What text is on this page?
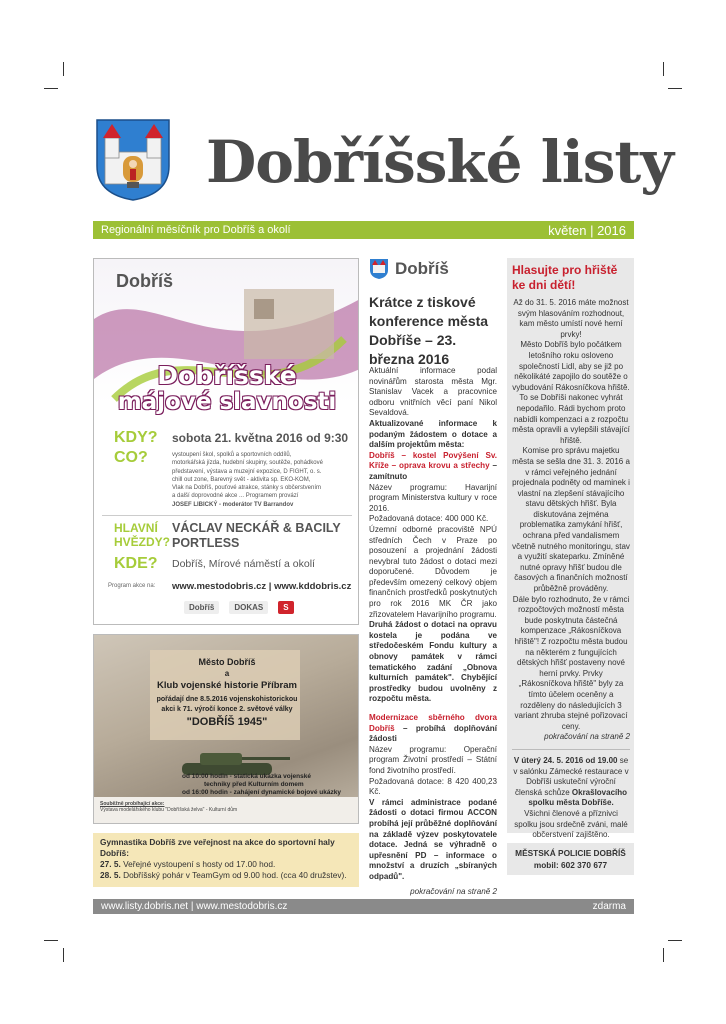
Dobříšské listy
Regionální měsíčník pro Dobříš a okolí	květen | 2016
Dobříš
Dobříšské
májové slavnosti
KDY? sobota 21. května 2016 od 9:30
CO?	vystoupení škol, spolků a sportovních oddílů,
motorkářská jízda, hudební skupiny, soutěže, pohádkové
představení, výstava a muzejní expozice, D FIGHT, o. s.
chill out zone, Barevný svět - aktivita sp. EKO-KOM,
Vlak na Dobříš, pouťové atrakce, stánky s občerstvením
a další doprovodné akce ... Programem provází
JOSEF LIBICKÝ - moderátor TV Barrandov
HLAVNÍ
HVĚZDY?
VÁCLAV NECKÁŘ & BACILY
PORTLESS
KDE? Dobříš, Mírové náměstí a okolí
Program akce na: www.mestodobris.cz | www.kddobris.cz
Dobříš	DOKAS	S
Město Dobříš
a
Klub vojenské historie Příbram
pořádají dne 8.5.2016 vojenskohistorickou
akci k 71. výročí konce 2. světové války
"DOBŘÍŠ 1945"
od 10:00 hodin - statická ukázka vojenské
techniky před Kulturním domem
od 16:00 hodin - zahájení dynamické bojové ukázky
Souběžně probíhající akce:
Výstava modelářského klubu "Dobříšská želva" - Kulturní dům
Gymnastika Dobříš zve veřejnost na akce do sportovní haly Dobříš:
27. 5. Veřejné vystoupení s hosty od 17.00 hod.
28. 5. Dobříšský pohár v TeamGym od 9.00 hod. (cca 40 družstev).
Dobříš
Krátce z tiskové konference města Dobříše – 23. března 2016

Aktuální informace podal novinářům starosta města Mgr. Stanislav Vacek a pracovnice odboru vnitřních věcí paní Nikol Sevaldová.

Aktualizované informace k podaným žádostem o dotace a dalším projektům města:

Dobříš – kostel Povýšení Sv. Kříže – oprava krovu a střechy – zamítnuto

Název programu: Havarijní program Ministerstva kultury v roce 2016.

Požadovaná dotace: 400 000 Kč.

Územní odborné pracoviště NPÚ středních Čech v Praze po posouzení a projednání žádosti nevybral tuto žádost o dotaci mezi doporučené. Důvodem je především omezený celkový objem finančních prostředků poskytnutých pro rok 2016 MK ČR jako zřizovatelem Havarijního programu.

Druhá žádost o dotaci na opravu kostela je podána ve středočeském Fondu kultury a obnovy památek v rámci tematického zadání „Obnova kulturních památek". Chybějící prostředky budou uvolněny z rozpočtu města.

Modernizace sběrného dvora Dobříš – probíhá doplňování žádosti

Název programu: Operační program Životní prostředí – Státní fond životního prostředí.

Požadovaná dotace: 8 420 400,23 Kč.

V rámci administrace podané žádosti o dotaci firmou ACCON probíhá její průběžné doplňování na základě výzev poskytovatele dotace. Jedná se výhradně o upřesnění PD – informace o množství a druzích „sbíraných odpadů".

pokračování na straně 2

Hlasujte pro hřiště ke dni dětí!

Až do 31. 5. 2016 máte možnost svým hlasováním rozhodnout, kam město umístí nové herní prvky!

Město Dobříš bylo počátkem letošního roku osloveno společností Lidl, aby se již po několikáté zapojilo do soutěže o vybudování Rákosníčkova hřiště. To se Dobříši nakonec vyhrát nepodařilo. Rádi bychom proto nabídli kompenzaci a z rozpočtu města opravili a vylepšili stávající hřiště.

Komise pro správu majetku města se sešla dne 31. 3. 2016 a v rámci veřejného jednání projednala podněty od maminek i vlastní na zlepšení stávajícího stavu dětských hřišť. Byla diskutována zejména problematika zamykání hřišť, ochrana před vandalismem včetně nutného monitoringu, stav a využití skateparku. Zmíněné nutné opravy hřišť budou dle časových a finančních možností průběžně prováděny.

Dále bylo rozhodnuto, že v rámci rozpočtových možností města bude poskytnuta částečná kompenzace „Rákosníčkova hřiště"! Z rozpočtu města budou na některém z fungujících dětských hřišť postaveny nové herní prvky. Prvky „Rákosníčkova hřiště" byly za tímto účelem oceněny a rozděleny do následujících 3 variant zhruba stejné pořizovací ceny.

pokračování na straně 2

V úterý 24. 5. 2016 od 19.00 se v salónku Zámecké restaurace v Dobříši uskuteční výroční členská schůze Okrašlovacího spolku města Dobříše.

Všichni členové a příznivci spolku jsou srdečně zváni, malé občerstvení zajištěno.

MĚSTSKÁ POLICIE DOBŘÍŠ
mobil: 602 370 677
www.listy.dobris.net | www.mestodobris.cz	zdarma
